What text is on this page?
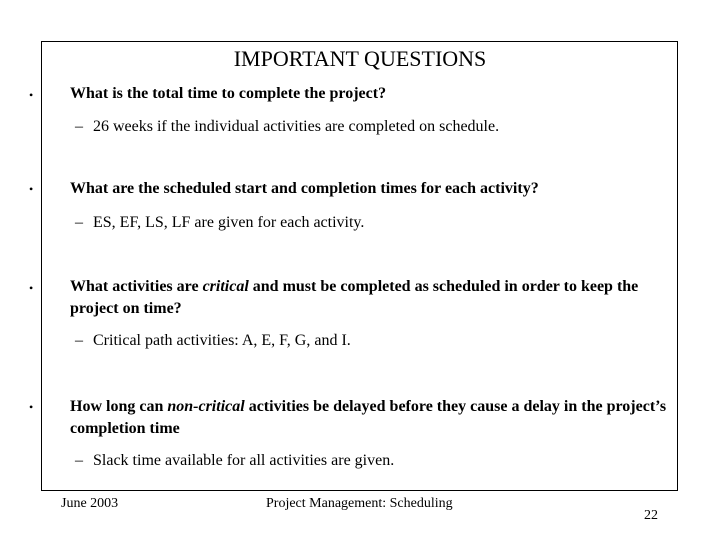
IMPORTANT QUESTIONS
• What is the total time to complete the project?
– 26 weeks if the individual activities are completed on schedule.
• What are the scheduled start and completion times for each activity?
– ES, EF, LS, LF are given for each activity.
• What activities are critical and must be completed as scheduled in order to keep the project on time?
– Critical path activities: A, E, F, G, and I.
• How long can non-critical activities be delayed before they cause a delay in the project’s completion time
– Slack time available for all activities are given.
June 2003	Project Management: Scheduling
22
